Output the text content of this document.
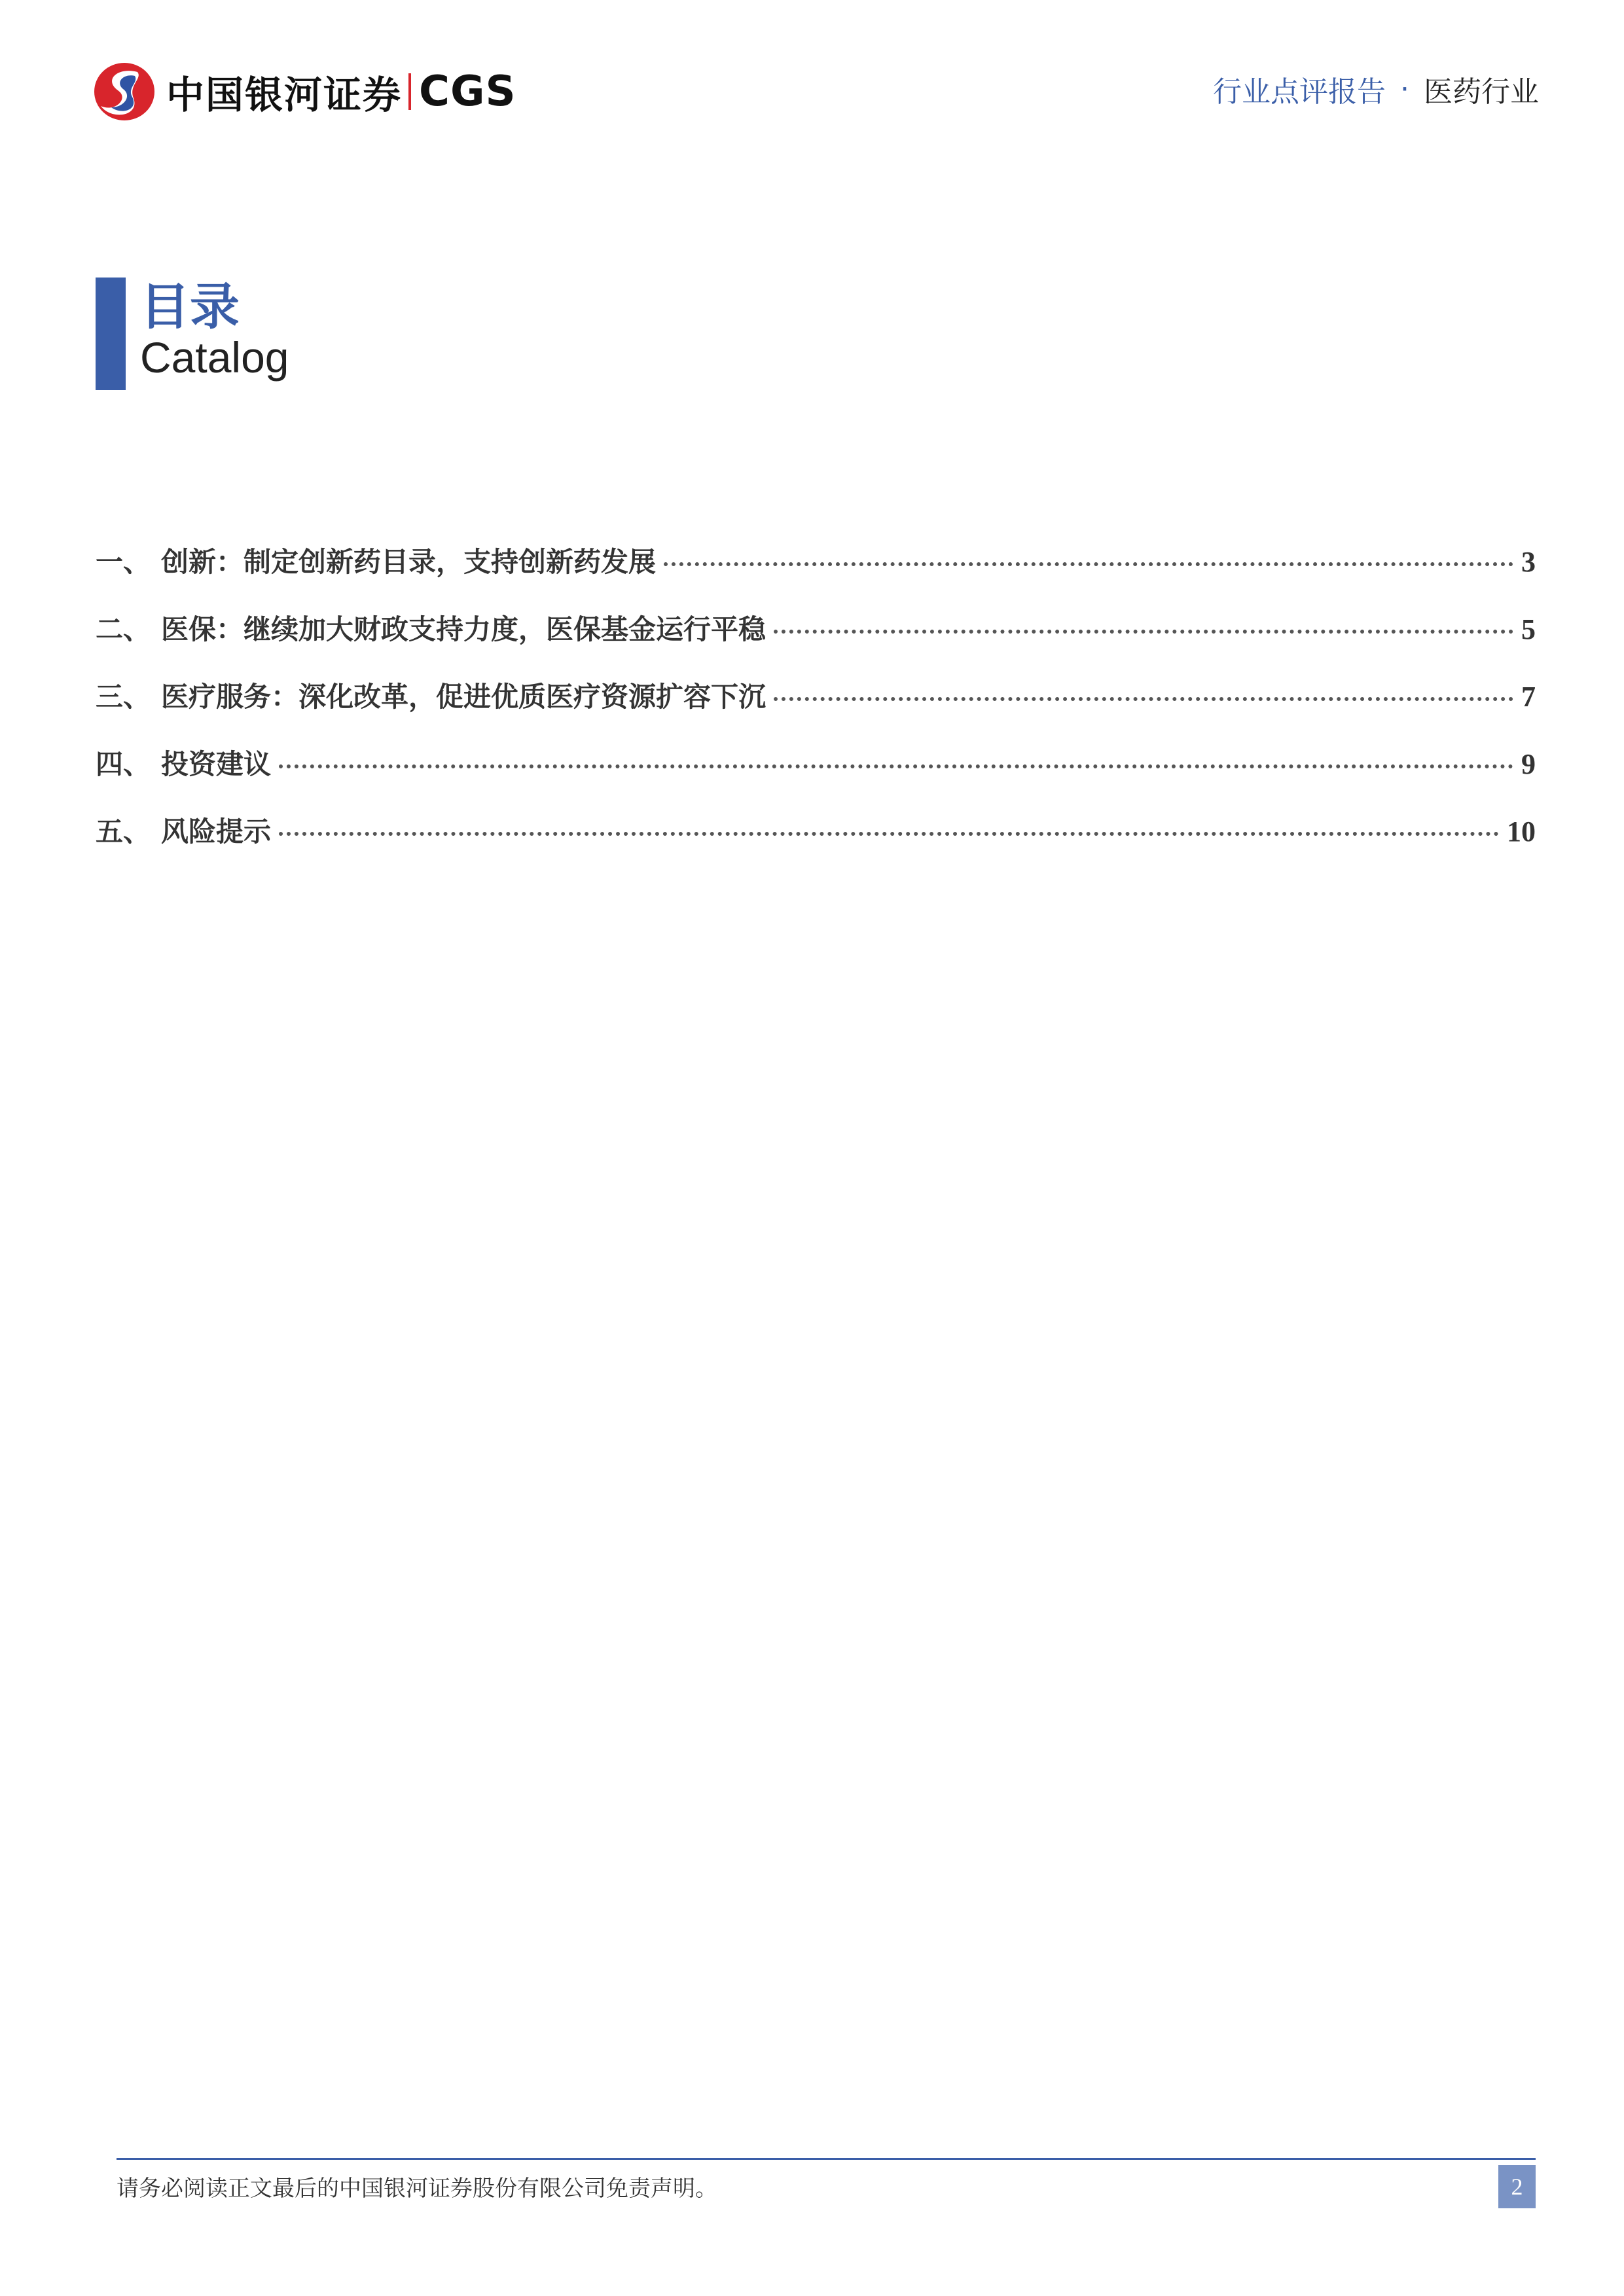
中国银河证券 CGS	行业点评报告 · 医药行业
目录
Catalog
一、 创新：制定创新药目录，支持创新药发展	3
二、 医保：继续加大财政支持力度，医保基金运行平稳	5
三、 医疗服务：深化改革，促进优质医疗资源扩容下沉	7
四、 投资建议	9
五、 风险提示	10
请务必阅读正文最后的中国银河证券股份有限公司免责声明。	2
